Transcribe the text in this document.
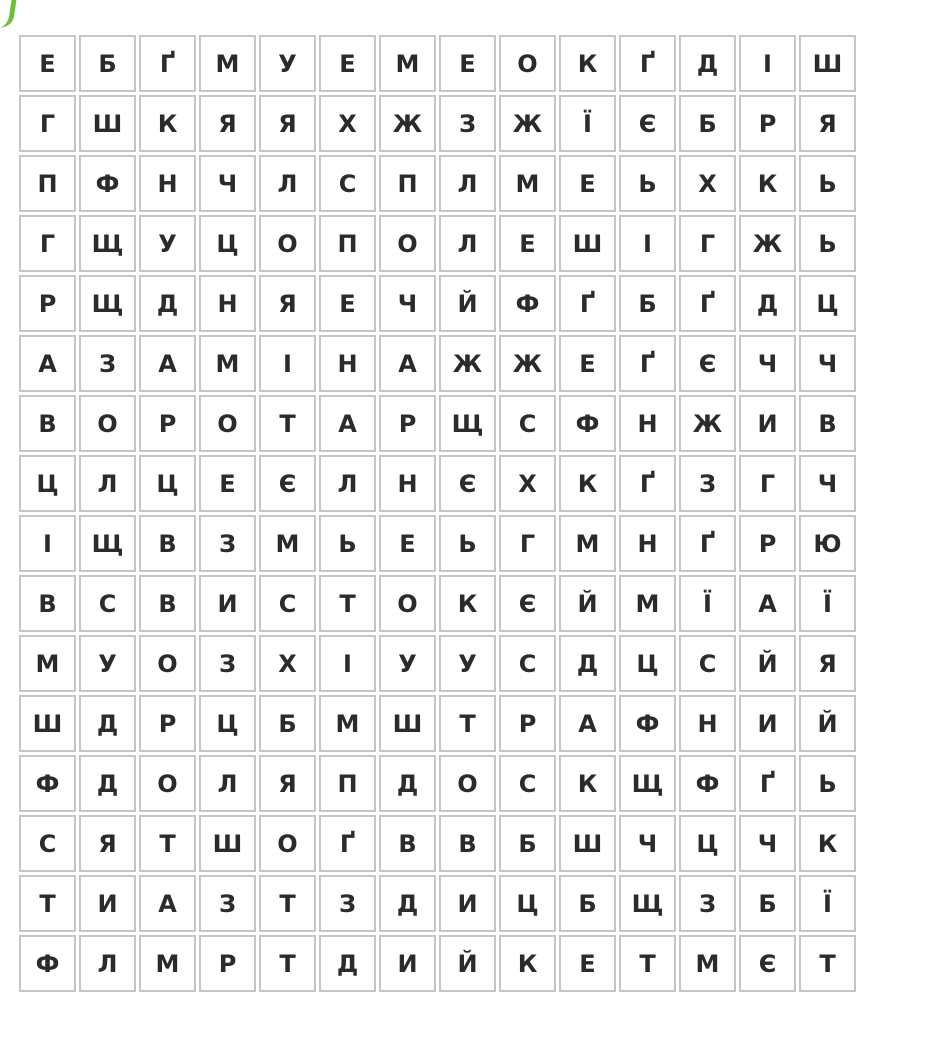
Е	Б	Ґ	М	У	Е	М	Е	О	К	Ґ	Д	І	Ш
Г	Ш	К	Я	Я	Х	Ж	З	Ж	Ї	Є	Б	Р	Я
П	Ф	Н	Ч	Л	С	П	Л	М	Е	Ь	Х	К	Ь
Г	Щ	У	Ц	О	П	О	Л	Е	Ш	І	Г	Ж	Ь
Р	Щ	Д	Н	Я	Е	Ч	Й	Ф	Ґ	Б	Ґ	Д	Ц
А	З	А	М	І	Н	А	Ж	Ж	Е	Ґ	Є	Ч	Ч
В	О	Р	О	Т	А	Р	Щ	С	Ф	Н	Ж	И	В
Ц	Л	Ц	Е	Є	Л	Н	Є	Х	К	Ґ	З	Г	Ч
І	Щ	В	З	М	Ь	Е	Ь	Г	М	Н	Ґ	Р	Ю
В	С	В	И	С	Т	О	К	Є	Й	М	Ї	А	Ї
М	У	О	З	Х	І	У	У	С	Д	Ц	С	Й	Я
Ш	Д	Р	Ц	Б	М	Ш	Т	Р	А	Ф	Н	И	Й
Ф	Д	О	Л	Я	П	Д	О	С	К	Щ	Ф	Ґ	Ь
С	Я	Т	Ш	О	Ґ	В	В	Б	Ш	Ч	Ц	Ч	К
Т	И	А	З	Т	З	Д	И	Ц	Б	Щ	З	Б	Ї
Ф	Л	М	Р	Т	Д	И	Й	К	Е	Т	М	Є	Т
